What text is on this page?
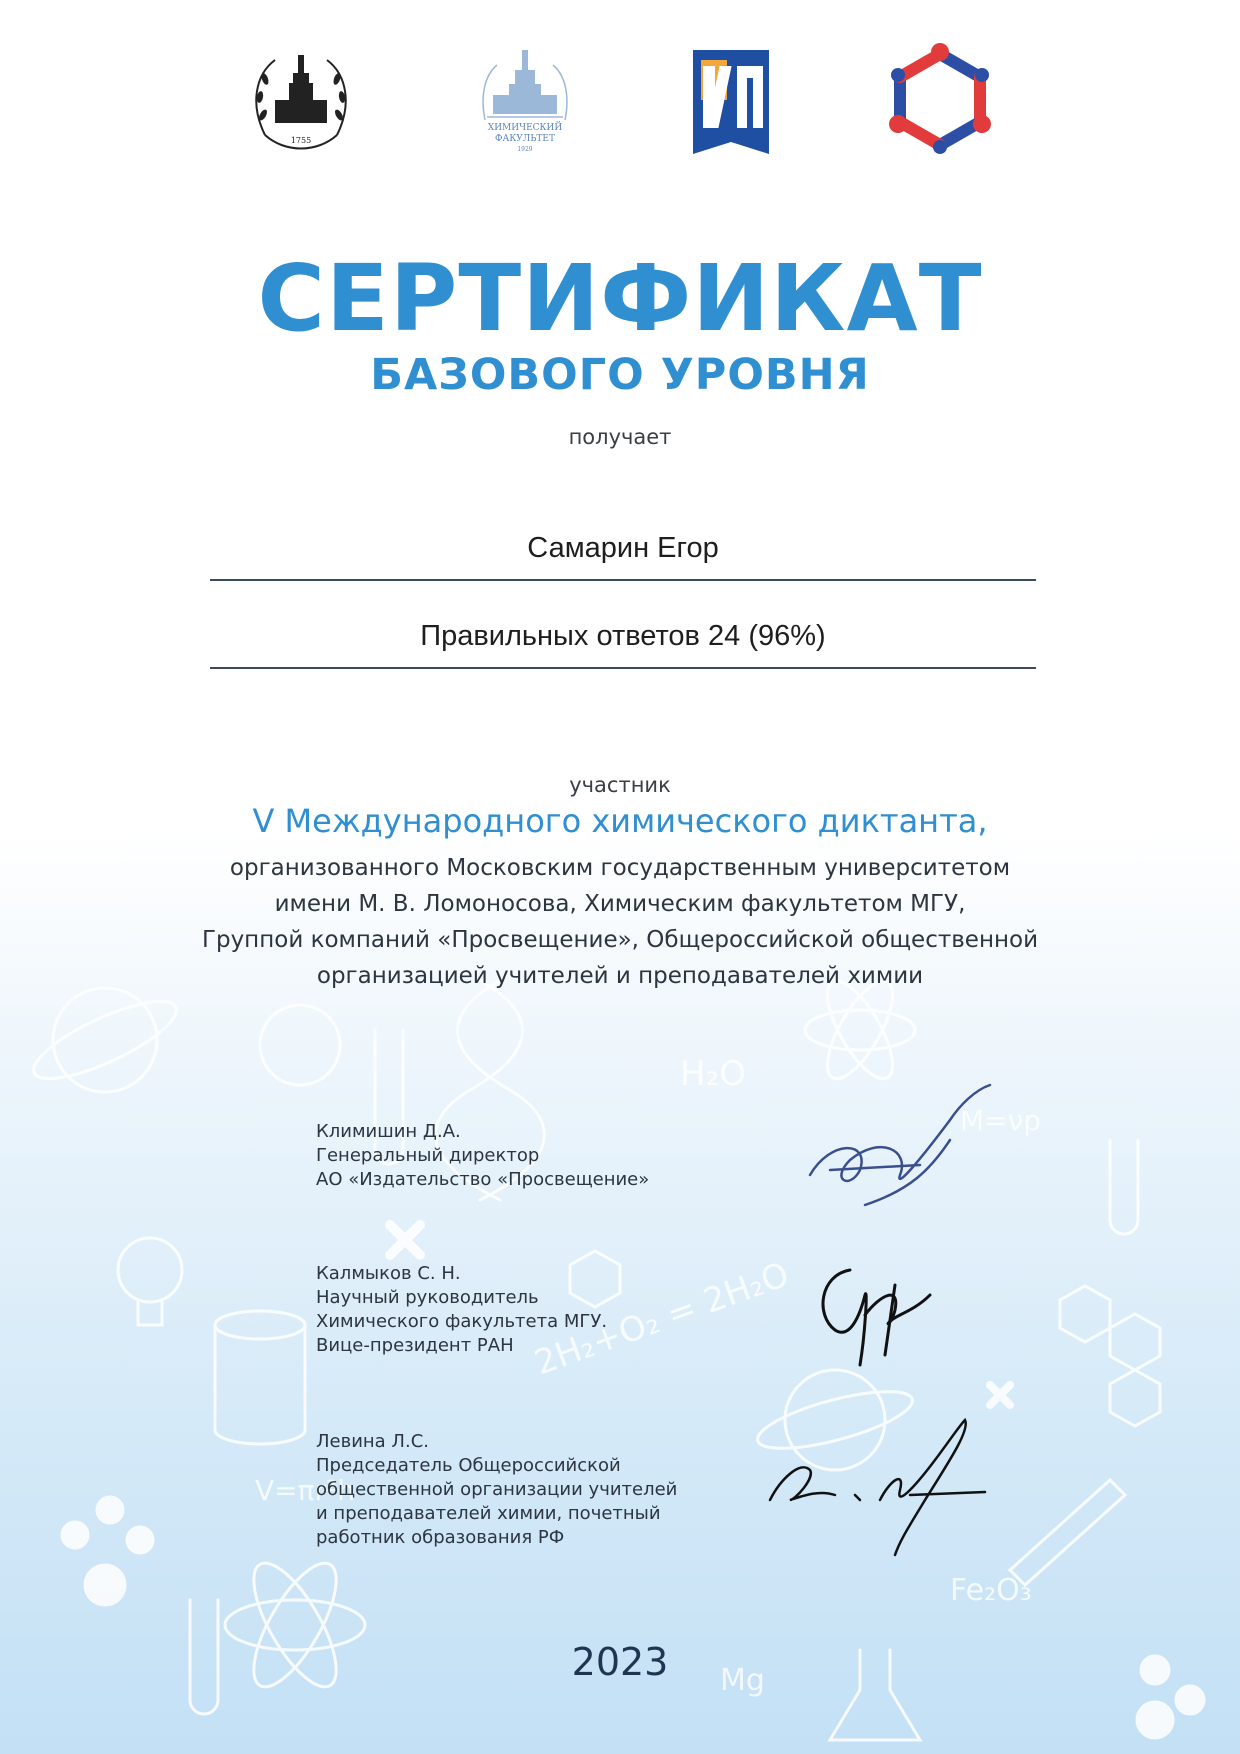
2H₂+O₂ = 2H₂O
H₂O
Fe₂O₃
Mg
M=νp
V=πr²h
1755
ХИМИЧЕСКИЙ
ФАКУЛЬТЕТ
1929
СЕРТИФИКАТ
БАЗОВОГО УРОВНЯ
получает
Самарин Егор
Правильных ответов 24 (96%)
участник
V Международного химического диктанта,
организованного Московским государственным университетом
имени М. В. Ломоносова, Химическим факультетом МГУ,
Группой компаний «Просвещение», Общероссийской общественной
организацией учителей и преподавателей химии
Климишин Д.А.
Генеральный директор
АО «Издательство «Просвещение»
Калмыков С. Н.
Научный руководитель
Химического факультета МГУ.
Вице-президент РАН
Левина Л.С.
Председатель Общероссийской
общественной организации учителей
и преподавателей химии, почетный
работник образования РФ
2023
